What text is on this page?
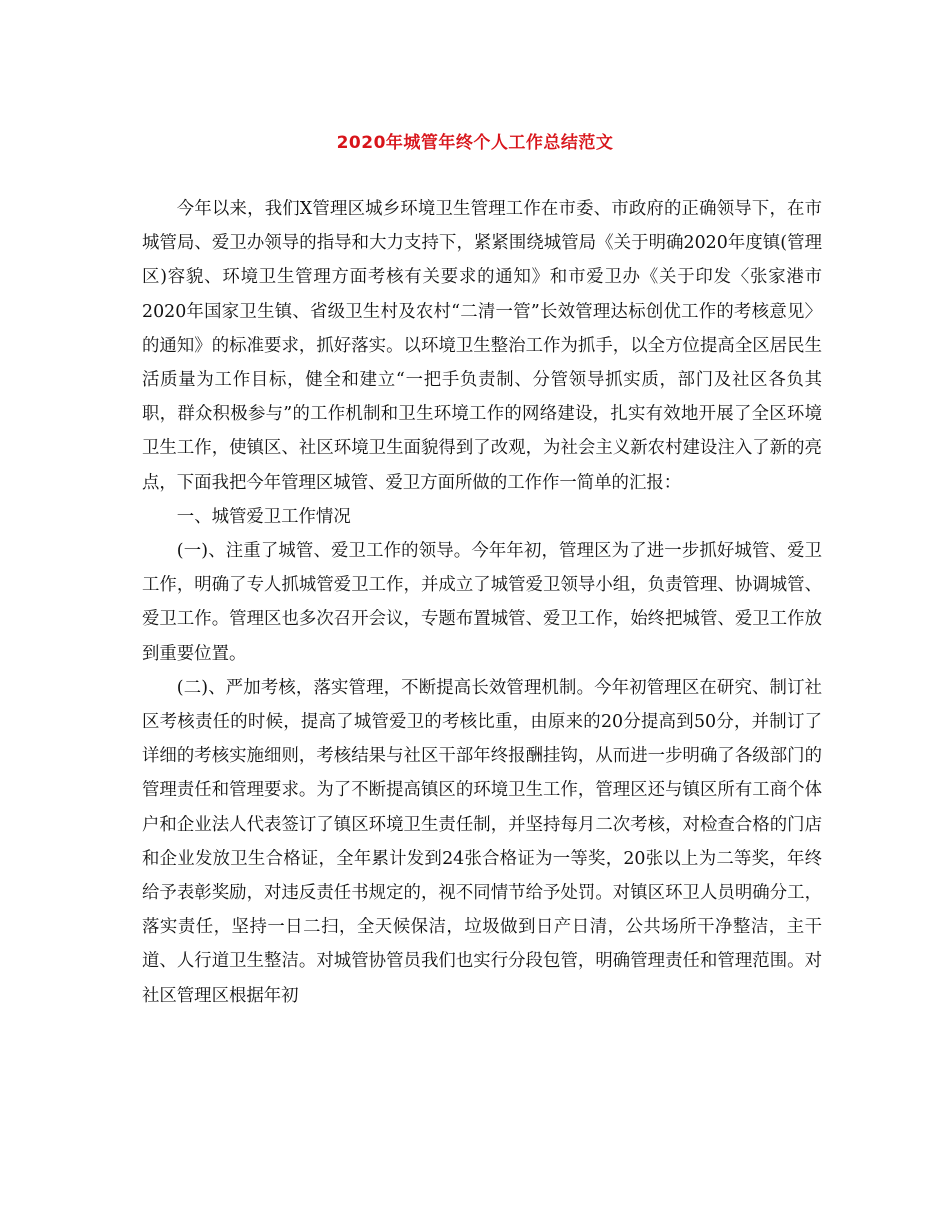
2020年城管年终个人工作总结范文

今年以来，我们X管理区城乡环境卫生管理工作在市委、市政府的正确领导下，在市城管局、爱卫办领导的指导和大力支持下，紧紧围绕城管局《关于明确2020年度镇(管理区)容貌、环境卫生管理方面考核有关要求的通知》和市爱卫办《关于印发〈张家港市2020年国家卫生镇、省级卫生村及农村“二清一管”长效管理达标创优工作的考核意见〉的通知》的标准要求，抓好落实。以环境卫生整治工作为抓手，以全方位提高全区居民生活质量为工作目标，健全和建立“一把手负责制、分管领导抓实质，部门及社区各负其职，群众积极参与”的工作机制和卫生环境工作的网络建设，扎实有效地开展了全区环境卫生工作，使镇区、社区环境卫生面貌得到了改观，为社会主义新农村建设注入了新的亮点，下面我把今年管理区城管、爱卫方面所做的工作作一简单的汇报：

一、城管爱卫工作情况

(一)、注重了城管、爱卫工作的领导。今年年初，管理区为了进一步抓好城管、爱卫工作，明确了专人抓城管爱卫工作，并成立了城管爱卫领导小组，负责管理、协调城管、爱卫工作。管理区也多次召开会议，专题布置城管、爱卫工作，始终把城管、爱卫工作放到重要位置。

(二)、严加考核，落实管理，不断提高长效管理机制。今年初管理区在研究、制订社区考核责任的时候，提高了城管爱卫的考核比重，由原来的20分提高到50分，并制订了详细的考核实施细则，考核结果与社区干部年终报酬挂钩，从而进一步明确了各级部门的管理责任和管理要求。为了不断提高镇区的环境卫生工作，管理区还与镇区所有工商个体户和企业法人代表签订了镇区环境卫生责任制，并坚持每月二次考核，对检查合格的门店和企业发放卫生合格证，全年累计发到24张合格证为一等奖，20张以上为二等奖，年终给予表彰奖励，对违反责任书规定的，视不同情节给予处罚。对镇区环卫人员明确分工，落实责任，坚持一日二扫，全天候保洁，垃圾做到日产日清，公共场所干净整洁，主干道、人行道卫生整洁。对城管协管员我们也实行分段包管，明确管理责任和管理范围。对社区管理区根据年初
